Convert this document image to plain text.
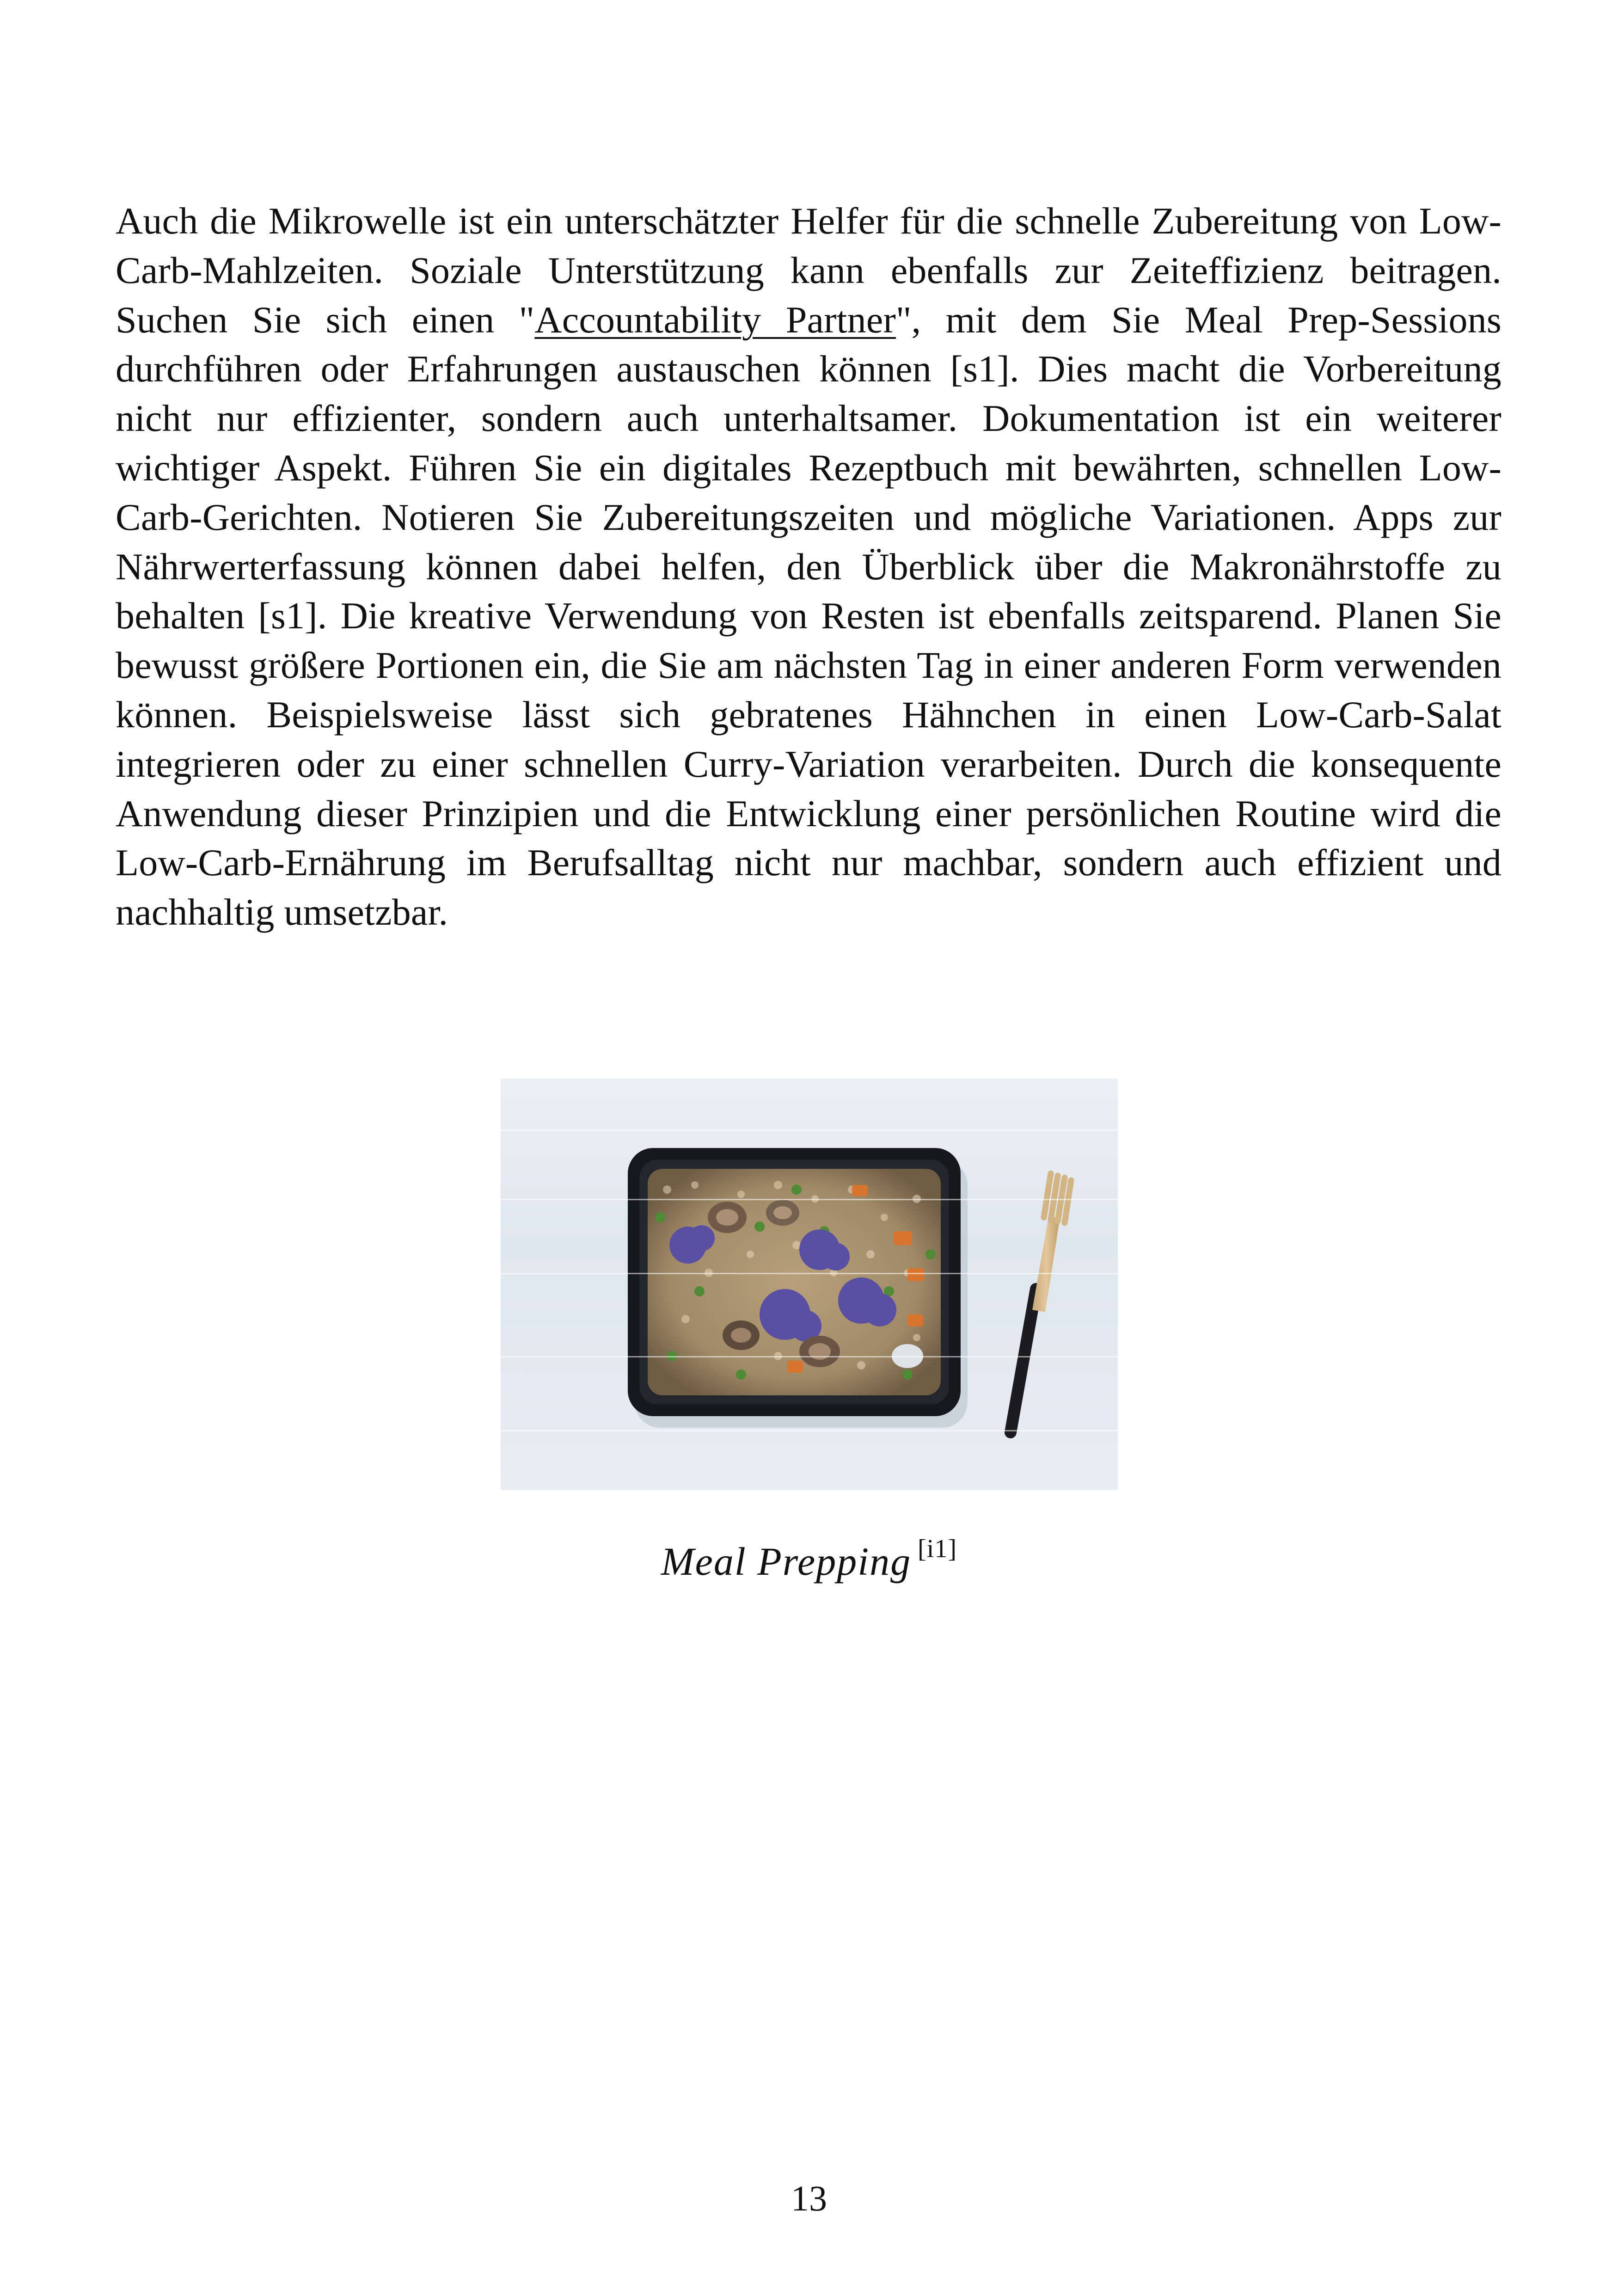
Auch die Mikrowelle ist ein unterschätzter Helfer für die schnelle Zubereitung von Low-Carb-Mahlzeiten. Soziale Unterstützung kann ebenfalls zur Zeiteffizienz beitragen. Suchen Sie sich einen "Accountability Partner", mit dem Sie Meal Prep-Sessions durchführen oder Erfahrungen austauschen können [s1]. Dies macht die Vorbereitung nicht nur effizienter, sondern auch unterhaltsamer. Dokumentation ist ein weiterer wichtiger Aspekt. Führen Sie ein digitales Rezeptbuch mit bewährten, schnellen Low-Carb-Gerichten. Notieren Sie Zubereitungszeiten und mögliche Variationen. Apps zur Nährwerterfassung können dabei helfen, den Überblick über die Makronährstoffe zu behalten [s1]. Die kreative Verwendung von Resten ist ebenfalls zeitsparend. Planen Sie bewusst größere Portionen ein, die Sie am nächsten Tag in einer anderen Form verwenden können. Beispielsweise lässt sich gebratenes Hähnchen in einen Low-Carb-Salat integrieren oder zu einer schnellen Curry-Variation verarbeiten. Durch die konsequente Anwendung dieser Prinzipien und die Entwicklung einer persönlichen Routine wird die Low-Carb-Ernährung im Berufsalltag nicht nur machbar, sondern auch effizient und nachhaltig umsetzbar.

Meal Prepping [i1]
13
